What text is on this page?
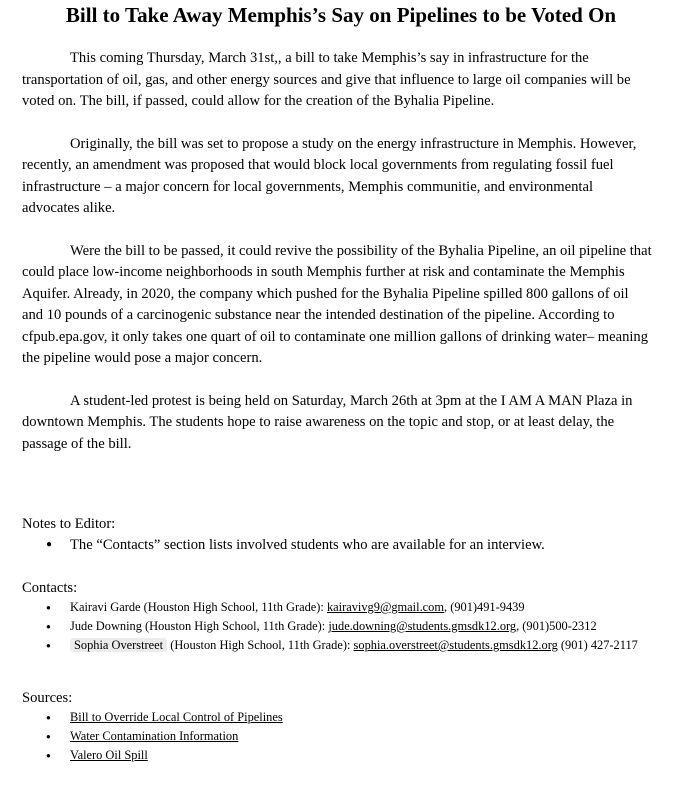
Bill to Take Away Memphis’s Say on Pipelines to be Voted On

This coming Thursday, March 31st,, a bill to take Memphis’s say in infrastructure for the transportation of oil, gas, and other energy sources and give that influence to large oil companies will be voted on. The bill, if passed, could allow for the creation of the Byhalia Pipeline.

Originally, the bill was set to propose a study on the energy infrastructure in Memphis. However, recently, an amendment was proposed that would block local governments from regulating fossil fuel infrastructure – a major concern for local governments, Memphis communitie, and environmental advocates alike.

Were the bill to be passed, it could revive the possibility of the Byhalia Pipeline, an oil pipeline that could place low-income neighborhoods in south Memphis further at risk and contaminate the Memphis Aquifer. Already, in 2020, the company which pushed for the Byhalia Pipeline spilled 800 gallons of oil and 10 pounds of a carcinogenic substance near the intended destination of the pipeline. According to cfpub.epa.gov, it only takes one quart of oil to contaminate one million gallons of drinking water– meaning the pipeline would pose a major concern.

A student-led protest is being held on Saturday, March 26th at 3pm at the I AM A MAN Plaza in downtown Memphis. The students hope to raise awareness on the topic and stop, or at least delay, the passage of the bill.

Notes to Editor:

● The “Contacts” section lists involved students who are available for an interview.

Contacts:

● Kairavi Garde (Houston High School, 11th Grade): kairavivg9@gmail.com, (901)491-9439
● Jude Downing (Houston High School, 11th Grade): jude.downing@students.gmsdk12.org, (901)500-2312
● Sophia Overstreet (Houston High School, 11th Grade): sophia.overstreet@students.gmsdk12.org (901) 427-2117

Sources:

● Bill to Override Local Control of Pipelines
● Water Contamination Information
● Valero Oil Spill
